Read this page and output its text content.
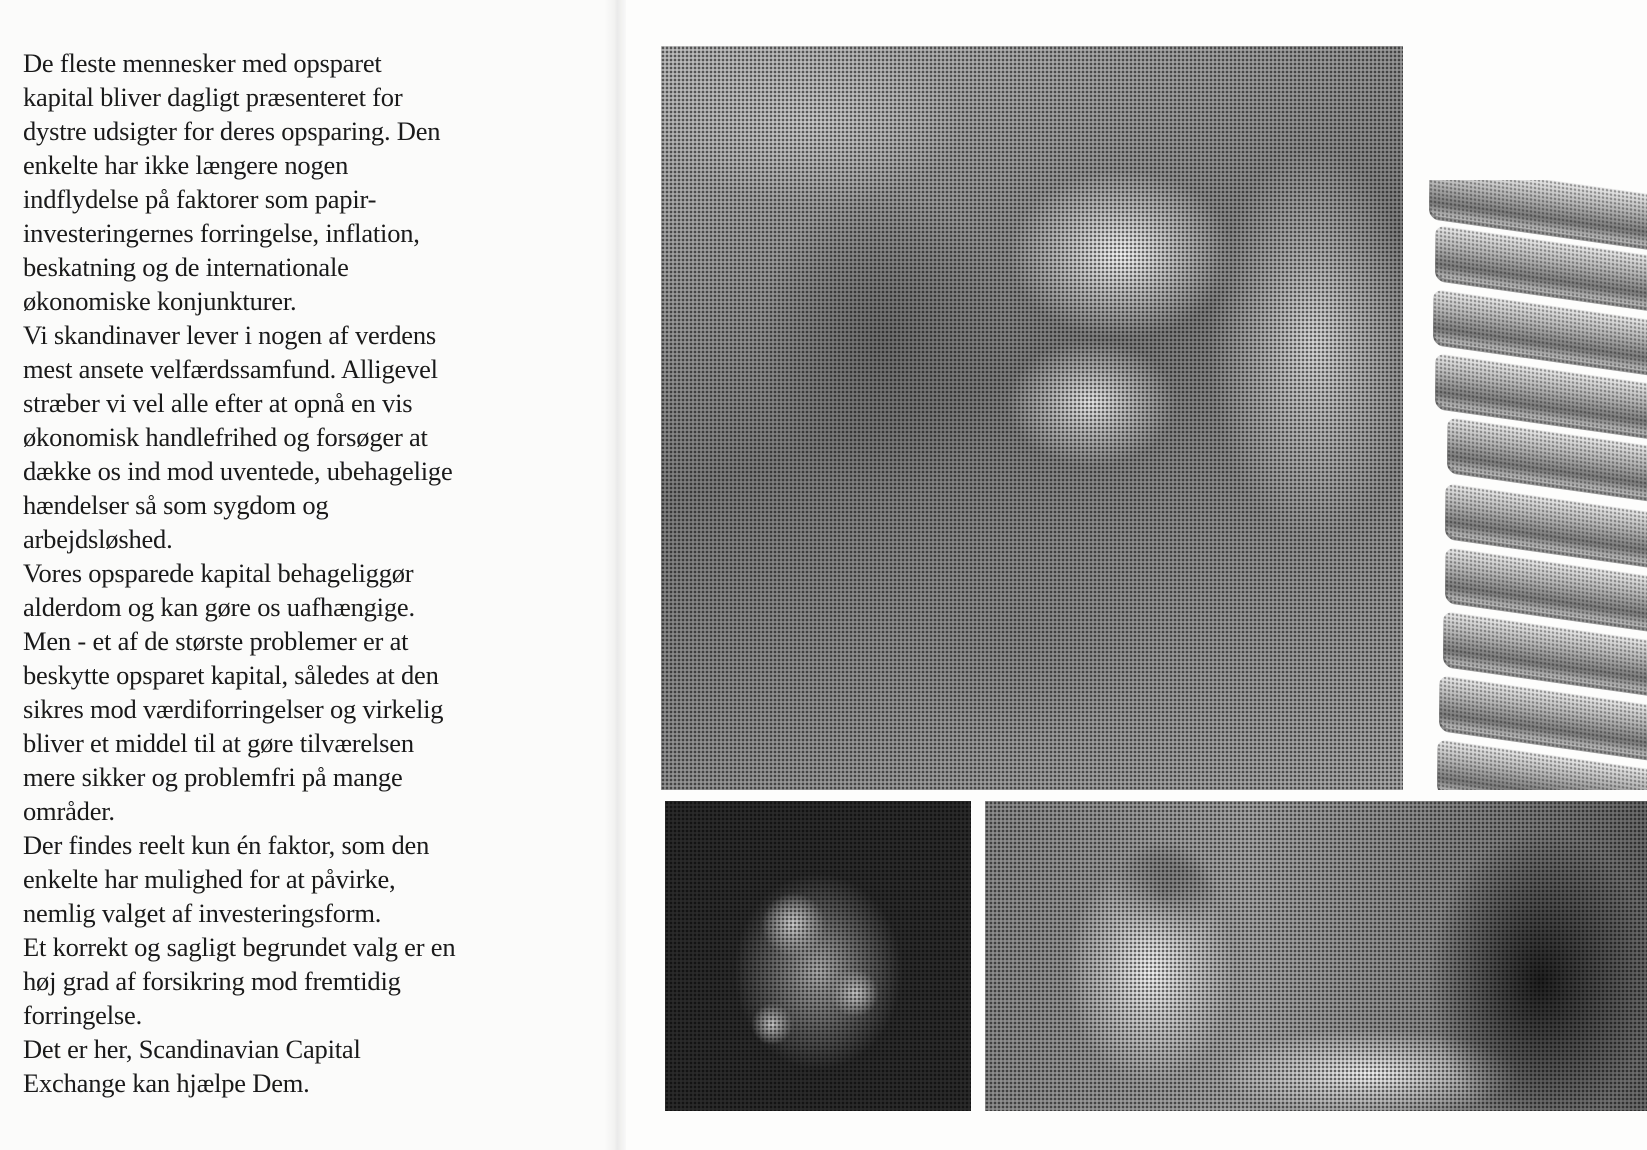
De fleste mennesker med opsparet
kapital bliver dagligt præsenteret for
dystre udsigter for deres opsparing. Den
enkelte har ikke længere nogen
indflydelse på faktorer som papir-
investeringernes forringelse, inflation,
beskatning og de internationale
økonomiske konjunkturer.
Vi skandinaver lever i nogen af verdens
mest ansete velfærdssamfund. Alligevel
stræber vi vel alle efter at opnå en vis
økonomisk handlefrihed og forsøger at
dække os ind mod uventede, ubehagelige
hændelser så som sygdom og
arbejdsløshed.
Vores opsparede kapital behageliggør
alderdom og kan gøre os uafhængige.
Men - et af de største problemer er at
beskytte opsparet kapital, således at den
sikres mod værdiforringelser og virkelig
bliver et middel til at gøre tilværelsen
mere sikker og problemfri på mange
områder.
Der findes reelt kun én faktor, som den
enkelte har mulighed for at påvirke,
nemlig valget af investeringsform.
Et korrekt og sagligt begrundet valg er en
høj grad af forsikring mod fremtidig
forringelse.
Det er her, Scandinavian Capital
Exchange kan hjælpe Dem.
